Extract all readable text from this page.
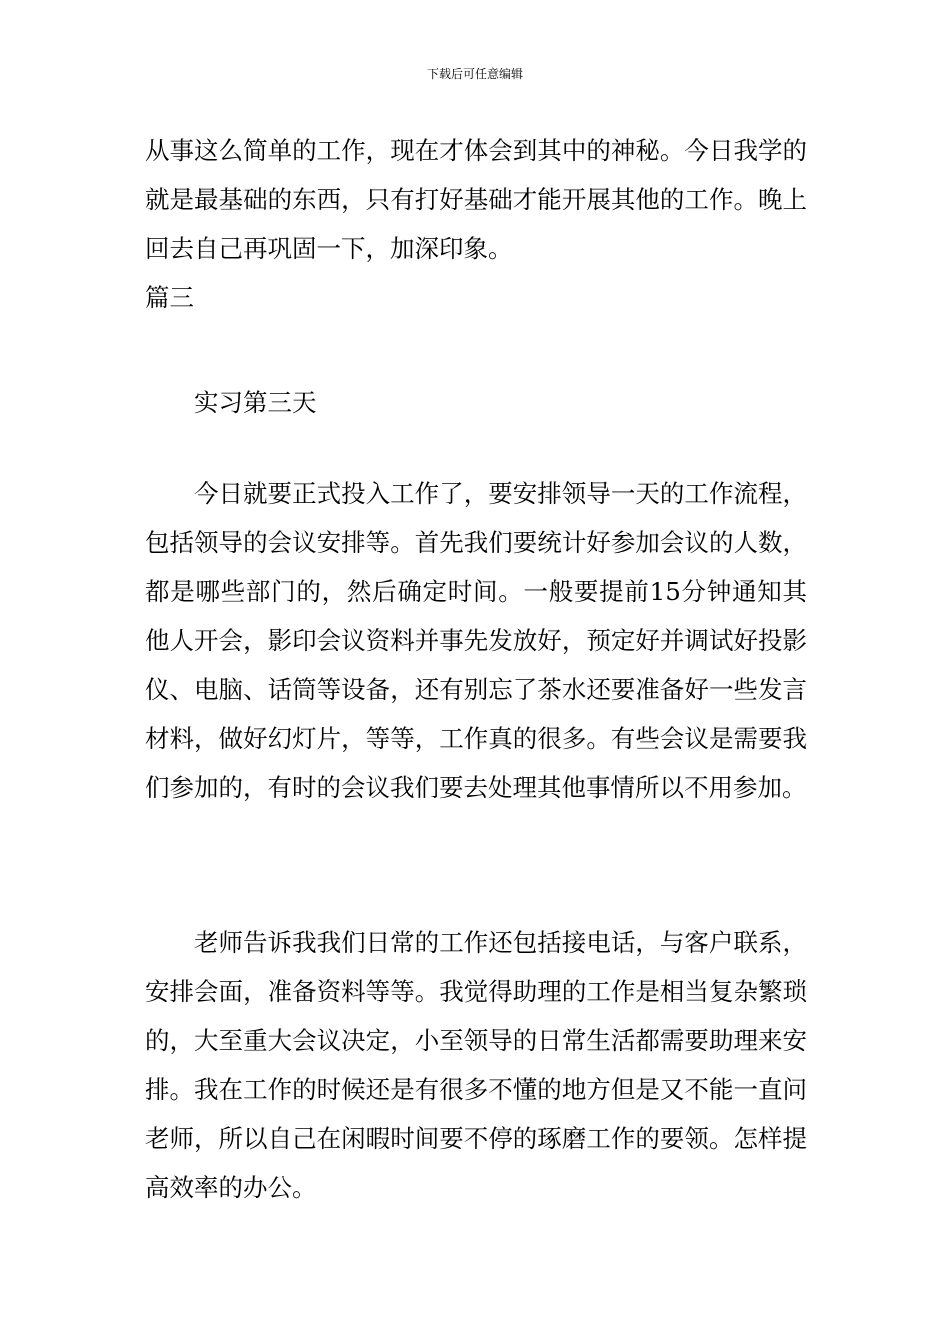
下载后可任意编辑

从事这么简单的工作，现在才体会到其中的神秘。今日我学的就是最基础的东西，只有打好基础才能开展其他的工作。晚上回去自己再巩固一下，加深印象。

篇三

实习第三天

今日就要正式投入工作了，要安排领导一天的工作流程，包括领导的会议安排等。首先我们要统计好参加会议的人数，都是哪些部门的，然后确定时间。一般要提前15分钟通知其他人开会，影印会议资料并事先发放好，预定好并调试好投影仪、电脑、话筒等设备，还有别忘了茶水还要准备好一些发言材料，做好幻灯片，等等，工作真的很多。有些会议是需要我们参加的，有时的会议我们要去处理其他事情所以不用参加。

老师告诉我我们日常的工作还包括接电话，与客户联系，安排会面，准备资料等等。我觉得助理的工作是相当复杂繁琐的，大至重大会议决定，小至领导的日常生活都需要助理来安排。我在工作的时候还是有很多不懂的地方但是又不能一直问老师，所以自己在闲暇时间要不停的琢磨工作的要领。怎样提高效率的办公。
